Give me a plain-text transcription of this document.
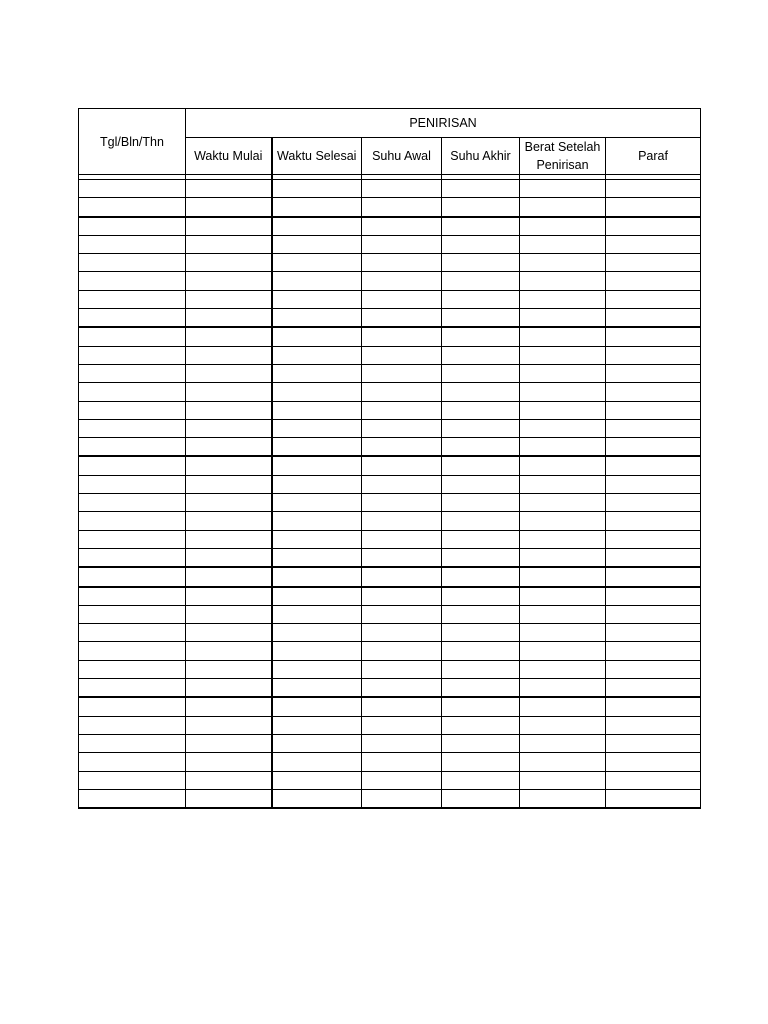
Tgl/Bln/Thn	PENIRISAN					
	Waktu Mulai	Waktu Selesai	Suhu Awal	Suhu Akhir	Berat Setelah Penirisan	Paraf
